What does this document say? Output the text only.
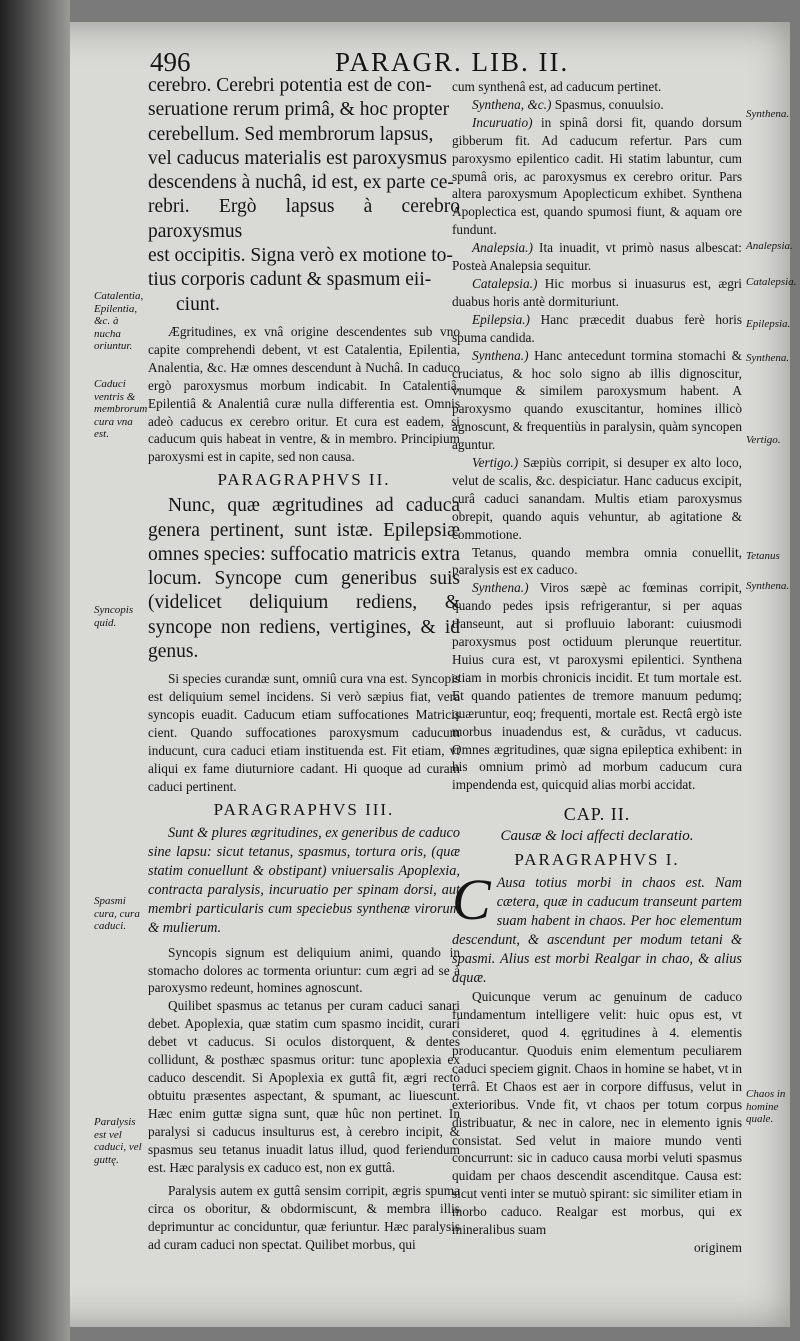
496	PARAGR. LIB. II.
cerebro. Cerebri potentia est de con-
seruatione rerum primâ, & hoc propter
cerebellum. Sed membrorum lapsus,
vel caducus materialis est paroxysmus
descendens à nuchâ, id est, ex parte ce-
rebri. Ergò lapsus à cerebro paroxysmus
est occipitis. Signa verò ex motione to-
tius corporis cadunt & spasmum eii-
ciunt.

Ægritudines, ex vnâ origine descendentes sub vno capite comprehendi debent, vt est Catalentia, Epilentia, Analentia, &c. Hæ omnes descendunt à Nuchâ. In caduco ergò paroxysmus morbum indicabit. In Catalentiâ, Epilentiâ & Analentiâ curæ nulla differentia est. Omnis adeò caducus ex cerebro oritur. Et cura est eadem, si caducum quis habeat in ventre, & in membro. Principium paroxysmi est in capite, sed non causa.

PARAGRAPHVS II.

Nunc, quæ ægritudines ad caduca genera pertinent, sunt istæ. Epilepsiæ omnes species: suffocatio matricis extra locum. Syncope cum generibus suis (videlicet deliquium rediens, & syncope non rediens, vertigines, & id genus.

Si species curandæ sunt, omniû cura vna est. Syncopis est deliquium semel incidens. Si verò sæpius fiat, vera syncopis euadit. Caducum etiam suffocationes Matricis cient. Quando suffocationes paroxysmum caducum inducunt, cura caduci etiam instituenda est. Fit etiam, vt aliqui ex fame diuturniore cadant. Hi quoque ad curam caduci pertinent.

PARAGRAPHVS III.

Sunt & plures ægritudines, ex generibus de caduco sine lapsu: sicut tetanus, spasmus, tortura oris, (quæ statim conuellunt & obstipant) vniuersalis Apoplexia, contracta paralysis, incuruatio per spinam dorsi, aut membri particularis cum speciebus synthenæ virorum & mulierum.

Syncopis signum est deliquium animi, quando in stomacho dolores ac tormenta oriuntur: cum ægri ad se à paroxysmo redeunt, homines agnoscunt.

Quilibet spasmus ac tetanus per curam caduci sanari debet. Apoplexia, quæ statim cum spasmo incidit, curari debet vt caducus. Si oculos distorquent, & dentes collidunt, & posthæc spasmus oritur: tunc apoplexia ex caduco descendit. Si Apoplexia ex guttâ fit, ægri rectò obtuitu præsentes aspectant, & spumant, ac liuescunt. Hæc enim guttæ signa sunt, quæ hûc non pertinet. In paralysi si caducus insulturus est, à cerebro incipit, & spasmus seu tetanus inuadit latus illud, quod feriendum est. Hæc paralysis ex caduco est, non ex guttâ.

Paralysis autem ex guttâ sensim corripit, ægris spuma circa os oboritur, & obdormiscunt, & membra illis deprimuntur ac conciduntur, quæ feriuntur. Hæc paralysis ad curam caduci non spectat. Quilibet morbus, qui

cum synthenâ est, ad caducum pertinet.

Synthena, &c.) Spasmus, conuulsio.

Incuruatio) in spinâ dorsi fit, quando dorsum gibberum fit. Ad caducum refertur. Pars cum paroxysmo epilentico cadit. Hi statim labuntur, cum spumâ oris, ac paroxysmus ex cerebro oritur. Pars altera paroxysmum Apoplecticum exhibet. Synthena Apoplectica est, quando spumosi fiunt, & aquam ore fundunt.

Analepsia.) Ita inuadit, vt primò nasus albescat: Posteà Analepsia sequitur.

Catalepsia.) Hic morbus si inuasurus est, ægri duabus horis antè dormituriunt.

Epilepsia.) Hanc præcedit duabus ferè horis spuma candida.

Synthena.) Hanc antecedunt tormina stomachi & cruciatus, & hoc solo signo ab illis dignoscitur, vnumque & similem paroxysmum habent. A paroxysmo quando exuscitantur, homines illicò agnoscunt, & frequentiùs in paralysin, quàm syncopen aguntur.

Vertigo.) Sæpiùs corripit, si desuper ex alto loco, velut de scalis, &c. despiciatur. Hanc caducus excipit, curâ caduci sanandam. Multis etiam paroxysmus obrepit, quando aquis vehuntur, ab agitatione & commotione.

Tetanus, quando membra omnia conuellit, paralysis est ex caduco.

Synthena.) Viros sæpè ac fœminas corripit, quando pedes ipsis refrigerantur, si per aquas transeunt, aut si profluuio laborant: cuiusmodi paroxysmus post octiduum plerunque reuertitur. Huius cura est, vt paroxysmi epilentici. Synthena etiam in morbis chronicis incidit. Et tum mortale est. Et quando patientes de tremore manuum pedumq; quæruntur, eoq; frequenti, mortale est. Rectâ ergò iste morbus inuadendus est, & curãdus, vt caducus. Omnes ægritudines, quæ signa epileptica exhibent: in his omnium primò ad morbum caducum cura impendenda est, quicquid alias morbi accidat.

CAP. II.
Causæ & loci affecti declaratio.
PARAGRAPHVS I.

C Ausa totius morbi in chaos est. Nam cætera, quæ in caducum transeunt partem suam habent in chaos. Per hoc elementum descendunt, & ascendunt per modum tetani & spasmi. Alius est morbi Realgar in chao, & alius aquæ.

Quicunque verum ac genuinum de caduco fundamentum intelligere velit: huic opus est, vt consideret, quod 4. ęgritudines à 4. elementis producantur. Quoduis enim elementum peculiarem caduci speciem gignit. Chaos in homine se habet, vt in terrâ. Et Chaos est aer in corpore diffusus, velut in exterioribus. Vnde fit, vt chaos per totum corpus distribuatur, & nec in calore, nec in elemento ignis consistat. Sed velut in maiore mundo venti concurrunt: sic in caduco causa morbi veluti spasmus quidam per chaos descendit ascenditque. Causa est: sicut venti inter se mutuò spirant: sic similiter etiam in morbo caduco. Realgar est morbus, qui ex mineralibus suam

originem
Catalentia, Epilentia, &c. à nucha oriuntur.
Caduci ventris & membrorum cura vna est.
Syncopis quid.
Spasmi cura, cura caduci.
Paralysis est vel caduci, vel guttę.
Synthena.
Analepsia.
Catalepsia.
Epilepsia.
Synthena.
Vertigo.
Tetanus
Synthena.
Chaos in homine quale.
